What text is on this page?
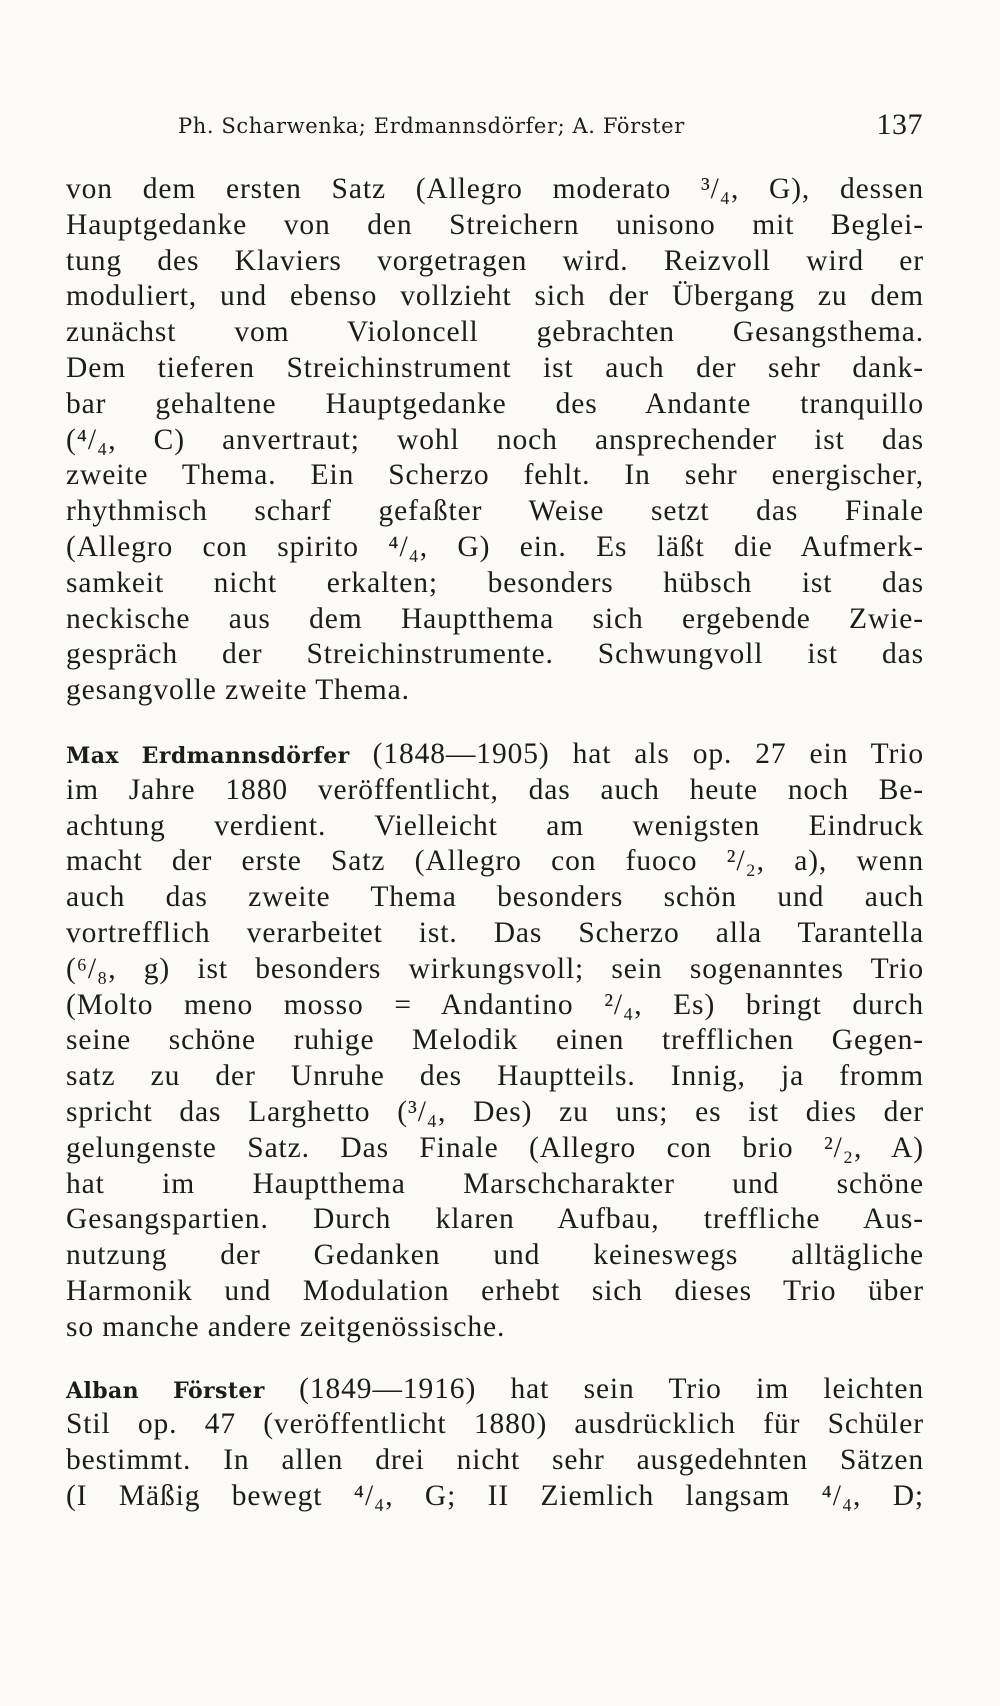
Ph. Scharwenka; Erdmannsdörfer; A. Förster	137
von dem ersten Satz (Allegro moderato ³/₄, G), dessen
Hauptgedanke von den Streichern unisono mit Beglei-
tung des Klaviers vorgetragen wird. Reizvoll wird er
moduliert, und ebenso vollzieht sich der Übergang zu dem
zunächst vom Violoncell gebrachten Gesangsthema.
Dem tieferen Streichinstrument ist auch der sehr dank-
bar gehaltene Hauptgedanke des Andante tranquillo
(⁴/₄, C) anvertraut; wohl noch ansprechender ist das
zweite Thema. Ein Scherzo fehlt. In sehr energischer,
rhythmisch scharf gefaßter Weise setzt das Finale
(Allegro con spirito ⁴/₄, G) ein. Es läßt die Aufmerk-
samkeit nicht erkalten; besonders hübsch ist das
neckische aus dem Hauptthema sich ergebende Zwie-
gespräch der Streichinstrumente. Schwungvoll ist das
gesangvolle zweite Thema.
Max Erdmannsdörfer (1848—1905) hat als op. 27 ein Trio
im Jahre 1880 veröffentlicht, das auch heute noch Be-
achtung verdient. Vielleicht am wenigsten Eindruck
macht der erste Satz (Allegro con fuoco ²/₂, a), wenn
auch das zweite Thema besonders schön und auch
vortrefflich verarbeitet ist. Das Scherzo alla Tarantella
(⁶/₈, g) ist besonders wirkungsvoll; sein sogenanntes Trio
(Molto meno mosso = Andantino ²/₄, Es) bringt durch
seine schöne ruhige Melodik einen trefflichen Gegen-
satz zu der Unruhe des Hauptteils. Innig, ja fromm
spricht das Larghetto (³/₄, Des) zu uns; es ist dies der
gelungenste Satz. Das Finale (Allegro con brio ²/₂, A)
hat im Hauptthema Marschcharakter und schöne
Gesangspartien. Durch klaren Aufbau, treffliche Aus-
nutzung der Gedanken und keineswegs alltägliche
Harmonik und Modulation erhebt sich dieses Trio über
so manche andere zeitgenössische.
Alban Förster (1849—1916) hat sein Trio im leichten
Stil op. 47 (veröffentlicht 1880) ausdrücklich für Schüler
bestimmt. In allen drei nicht sehr ausgedehnten Sätzen
(I Mäßig bewegt ⁴/₄, G; II Ziemlich langsam ⁴/₄, D;
